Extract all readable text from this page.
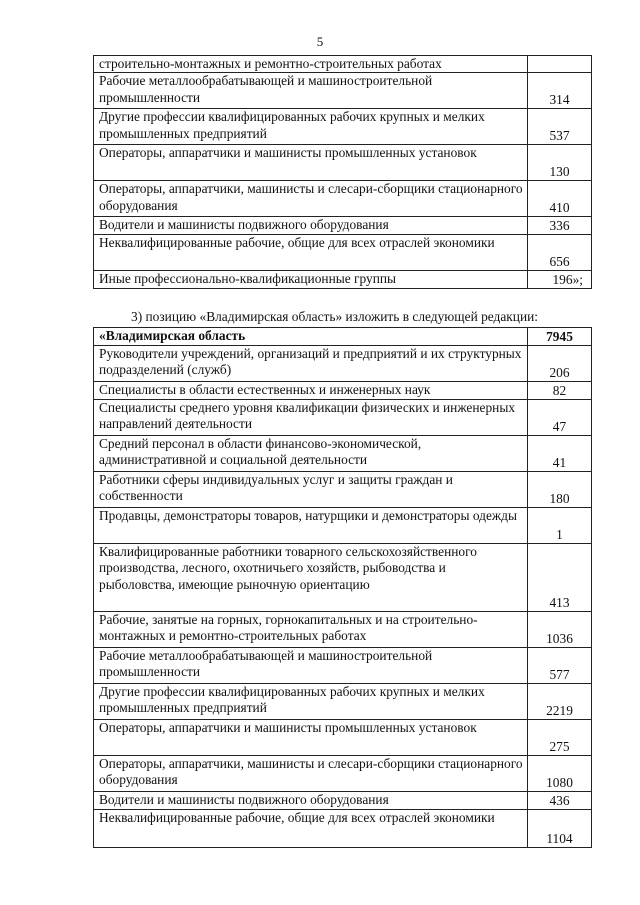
5
строительно-монтажных и ремонтно-строительных работах	
Рабочие металлообрабатывающей и машиностроительной промышленности	314
Другие профессии квалифицированных рабочих крупных и мелких промышленных предприятий	537
Операторы, аппаратчики и машинисты промышленных установок	130
Операторы, аппаратчики, машинисты и слесари-сборщики стационарного оборудования	410
Водители и машинисты подвижного оборудования	336
Неквалифицированные рабочие, общие для всех отраслей экономики	656
Иные профессионально-квалификационные группы	196»;
3) позицию «Владимирская область» изложить в следующей редакции:
«Владимирская область	7945
Руководители учреждений, организаций и предприятий и их структурных подразделений (служб)	206
Специалисты в области естественных и инженерных наук	82
Специалисты среднего уровня квалификации физических и инженерных направлений деятельности	47
Средний персонал в области финансово-экономической, административной и социальной деятельности	41
Работники сферы индивидуальных услуг и защиты граждан и собственности	180
Продавцы, демонстраторы товаров, натурщики и демонстраторы одежды	1
Квалифицированные работники товарного сельскохозяйственного производства, лесного, охотничьего хозяйств, рыбоводства и рыболовства, имеющие рыночную ориентацию	413
Рабочие, занятые на горных, горнокапитальных и на строительно-монтажных и ремонтно-строительных работах	1036
Рабочие металлообрабатывающей и машиностроительной промышленности	577
Другие профессии квалифицированных рабочих крупных и мелких промышленных предприятий	2219
Операторы, аппаратчики и машинисты промышленных установок	275
Операторы, аппаратчики, машинисты и слесари-сборщики стационарного оборудования	1080
Водители и машинисты подвижного оборудования	436
Неквалифицированные рабочие, общие для всех отраслей экономики	1104
